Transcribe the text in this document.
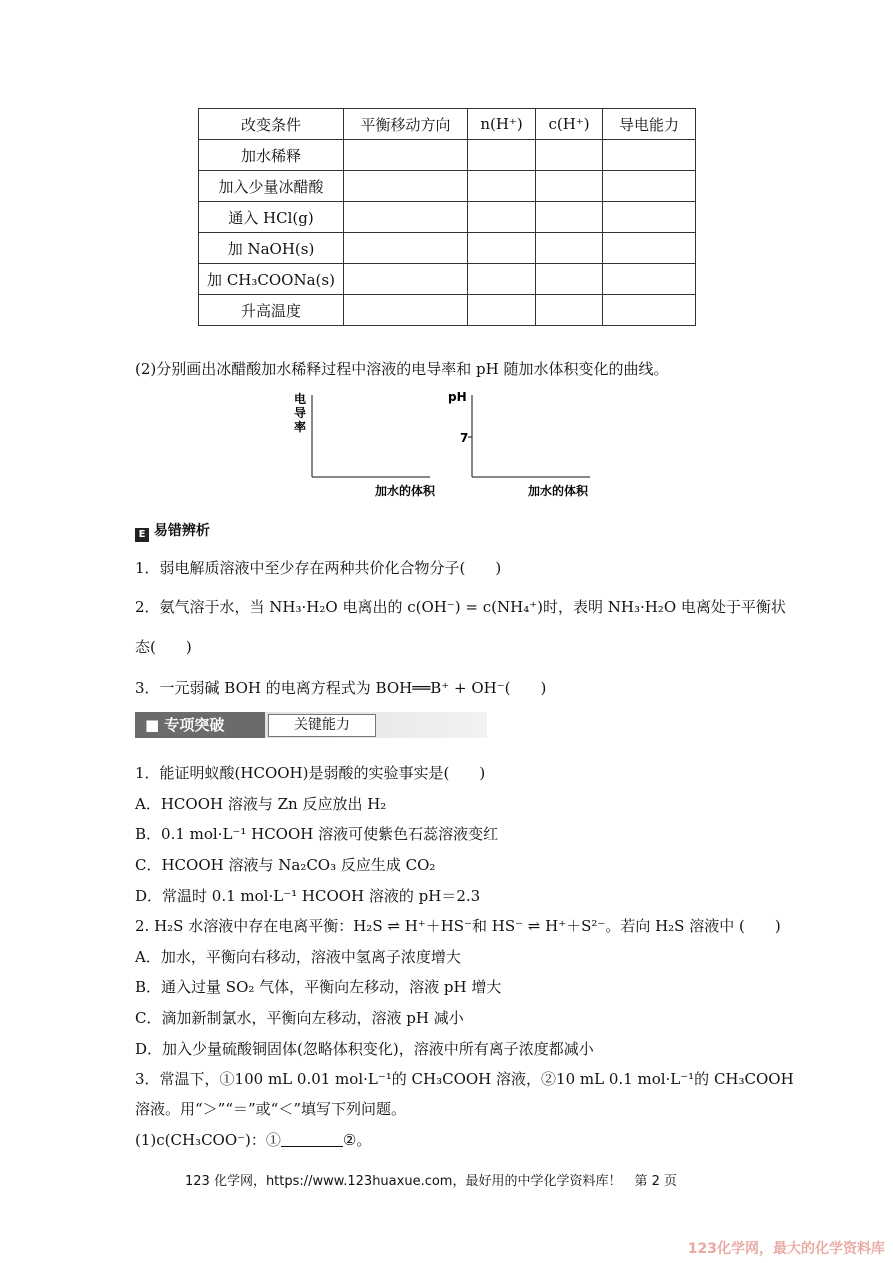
改变条件	平衡移动方向	n(H⁺)	c(H⁺)	导电能力
加水稀释				
加入少量冰醋酸				
通入 HCl(g)				
加 NaOH(s)				
加 CH₃COONa(s)				
升高温度				
(2)分别画出冰醋酸加水稀释过程中溶液的电导率和 pH 随加水体积变化的曲线。
电
导
率
加水的体积
pH
7
加水的体积
E 易错辨析
1．弱电解质溶液中至少存在两种共价化合物分子(　　)
2．氨气溶于水，当 NH₃·H₂O 电离出的 c(OH⁻) = c(NH₄⁺)时，表明 NH₃·H₂O 电离处于平衡状
态(　　)
3．一元弱碱 BOH 的电离方程式为 BOH══B⁺ + OH⁻(　　)
■ 专项突破	关键能力
1．能证明蚁酸(HCOOH)是弱酸的实验事实是(　　)
A．HCOOH 溶液与 Zn 反应放出 H₂
B．0.1 mol·L⁻¹ HCOOH 溶液可使紫色石蕊溶液变红
C．HCOOH 溶液与 Na₂CO₃ 反应生成 CO₂
D．常温时 0.1 mol·L⁻¹ HCOOH 溶液的 pH＝2.3
2. H₂S 水溶液中存在电离平衡：H₂S ⇌ H⁺＋HS⁻和 HS⁻ ⇌ H⁺＋S²⁻。若向 H₂S 溶液中 (　　)
A．加水，平衡向右移动，溶液中氢离子浓度增大
B．通入过量 SO₂ 气体，平衡向左移动，溶液 pH 增大
C．滴加新制氯水，平衡向左移动，溶液 pH 减小
D．加入少量硫酸铜固体(忽略体积变化)，溶液中所有离子浓度都减小
3．常温下，①100 mL 0.01 mol·L⁻¹的 CH₃COOH 溶液，②10 mL 0.1 mol·L⁻¹的 CH₃COOH
溶液。用“＞”“＝”或“＜”填写下列问题。
(1)c(CH₃COO⁻)：①	②。
123 化学网，https://www.123huaxue.com，最好用的中学化学资料库！　第 2 页
123化学网，最大的化学资料库
